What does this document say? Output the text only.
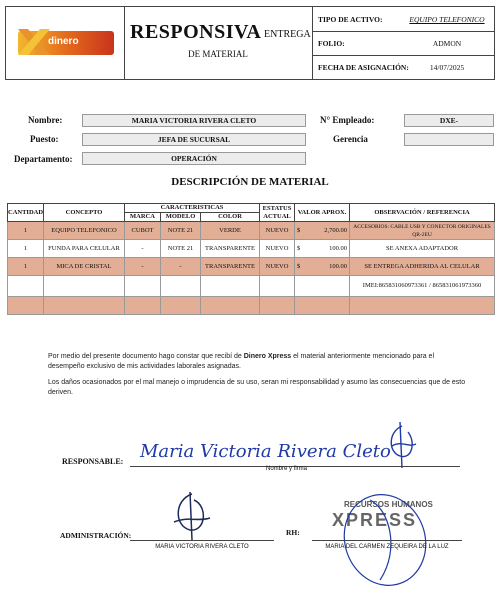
dinero	RESPONSIVA ENTREGA
DE MATERIAL
TIPO DE ACTIVO:	EQUIPO TELEFONICO
FOLIO:	ADMON
FECHA DE ASIGNACIÓN:	14/07/2025
Nombre:	MARIA VICTORIA RIVERA CLETO	N° Empleado:	DXE-
Puesto:	JEFA DE SUCURSAL	Gerencia
Departamento:	OPERACIÓN
DESCRIPCIÓN DE MATERIAL
CANTIDAD	CONCEPTO	CARACTERISTICAS			ESTATUS ACTUAL	VALOR APROX.	OBSERVACIÓN / REFERENCIA
		MARCA	MODELO	COLOR			
1	EQUIPO TELEFONICO	CUBOT	NOTE 21	VERDE	NUEVO	$ 2,700.00	ACCESORIOS: CABLE USB Y CONECTOR ORIGINALES QR-2EU
1	FUNDA PARA CELULAR	-	NOTE 21	TRANSPARENTE	NUEVO	$ 100.00	SE ANEXA ADAPTADOR
1	MICA DE CRISTAL	-	-	TRANSPARENTE	NUEVO	$ 100.00	SE ENTREGA ADHERIDA AL CELULAR
							IMEI:865831060973361 / 865831061973360

Por medio del presente documento hago constar que recibí de Dinero Xpress el material anteriormente mencionado para el desempeño exclusivo de mis actividades laborales asignadas.
Los daños ocasionados por el mal manejo o imprudencia de su uso, seran mi responsabilidad y asumo las consecuencias que de esto deriven.
RESPONSABLE: Maria Victoria Rivera Cleto
Nombre y firma
ADMINISTRACIÓN:
MARIA VICTORIA RIVERA CLETO
RH:
RECURSOS HUMANOS
XPRESS
MARIA DEL CARMEN ZEQUEIRA DE LA LUZ
